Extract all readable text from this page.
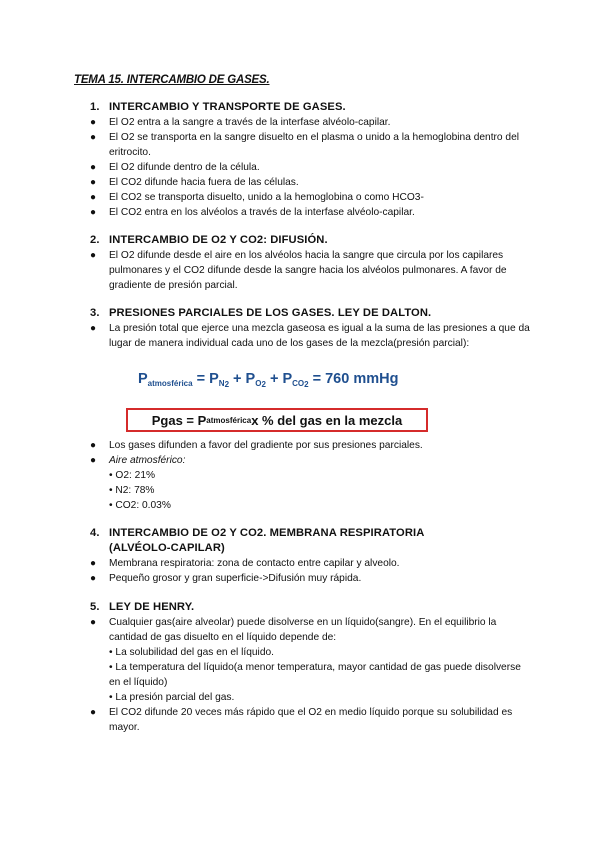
TEMA 15. INTERCAMBIO DE GASES.
1. INTERCAMBIO Y TRANSPORTE DE GASES.
● El O2 entra a la sangre a través de la interfase alvéolo-capilar.
● El O2 se transporta en la sangre disuelto en el plasma o unido a la hemoglobina dentro del eritrocito.
● El O2 difunde dentro de la célula.
● El CO2 difunde hacia fuera de las células.
● El CO2 se transporta disuelto, unido a la hemoglobina o como HCO3-
● El CO2 entra en los alvéolos a través de la interfase alvéolo-capilar.
2. INTERCAMBIO DE O2 Y CO2: DIFUSIÓN.
● El O2 difunde desde el aire en los alvéolos hacia la sangre que circula por los capilares pulmonares y el CO2 difunde desde la sangre hacia los alvéolos pulmonares. A favor de gradiente de presión parcial.
3. PRESIONES PARCIALES DE LOS GASES. LEY DE DALTON.
● La presión total que ejerce una mezcla gaseosa es igual a la suma de las presiones a que da lugar de manera individual cada uno de los gases de la mezcla(presión parcial):
$P_{atmosférica} = P_{N2} + P_{O2} + P_{CO2} = 760$ mmHg
Pgas = P atmosférica x % del gas en la mezcla
● Los gases difunden a favor del gradiente por sus presiones parciales.
● Aire atmosférico:
• O2: 21%
• N2: 78%
• CO2: 0.03%
4. INTERCAMBIO DE O2 Y CO2. MEMBRANA RESPIRATORIA
(ALVÉOLO-CAPILAR)
● Membrana respiratoria: zona de contacto entre capilar y alveolo.
● Pequeño grosor y gran superficie->Difusión muy rápida.
5. LEY DE HENRY.
● Cualquier gas(aire alveolar) puede disolverse en un líquido(sangre). En el equilibrio la cantidad de gas disuelto en el líquido depende de:
• La solubilidad del gas en el líquido.
• La temperatura del líquido(a menor temperatura, mayor cantidad de gas puede disolverse en el líquido)
• La presión parcial del gas.
● El CO2 difunde 20 veces más rápido que el O2 en medio líquido porque su solubilidad es mayor.
